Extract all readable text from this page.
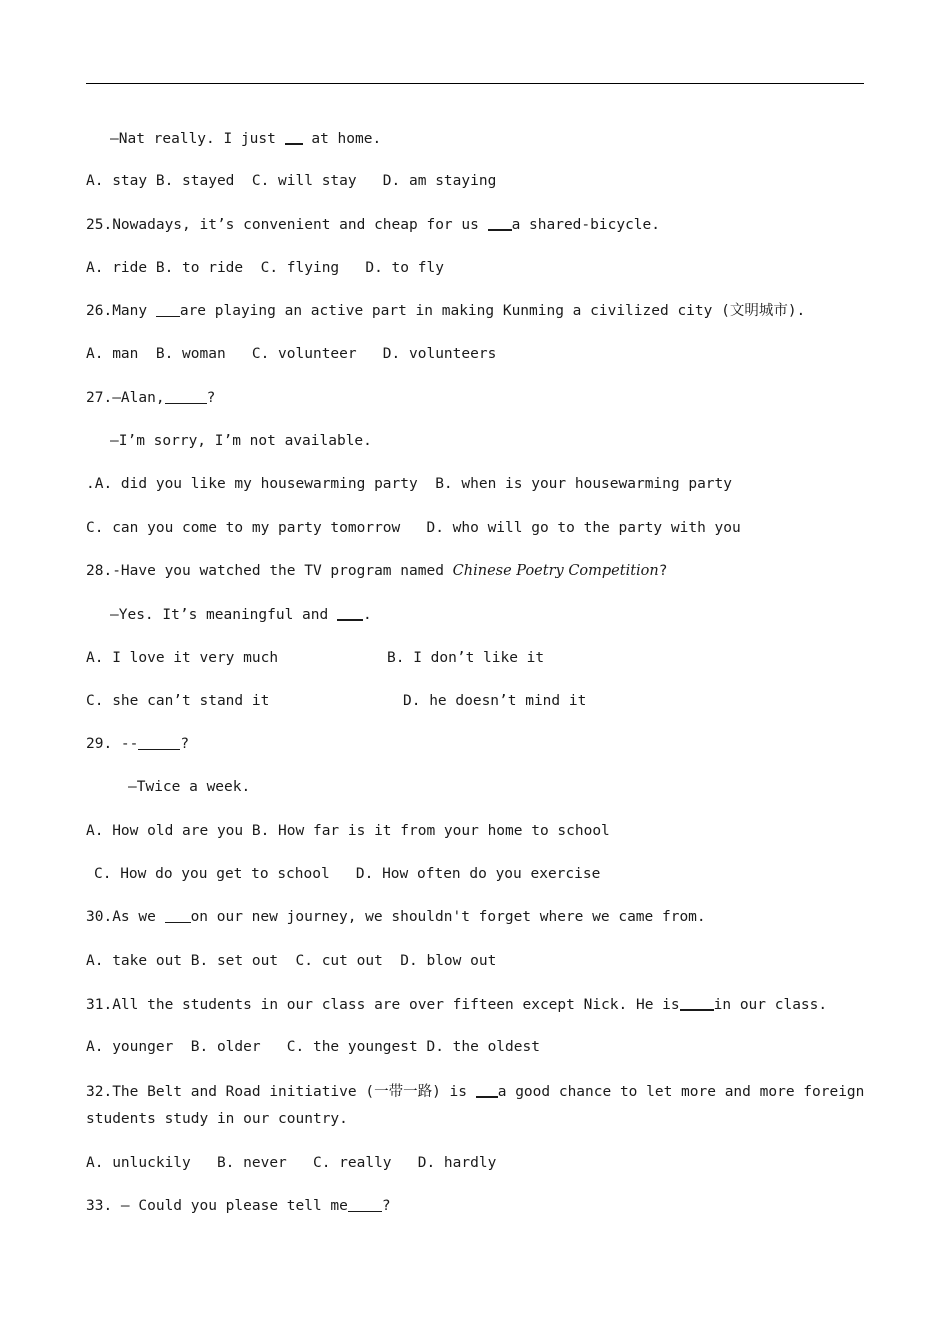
—Nat really. I just  at home.
A. stay B. stayed  C. will stay   D. am staying
25.Nowadays, it’s convenient and cheap for us a shared-bicycle.
A. ride B. to ride  C. flying   D. to fly
26.Many are playing an active part in making Kunming a civilized city (文明城市).
A. man  B. woman   C. volunteer   D. volunteers
27.—Alan,	?
—I’m sorry, I’m not available.
.A. did you like my housewarming party  B. when is your housewarming party
C. can you come to my party tomorrow   D. who will go to the party with you
28.-Have you watched the TV program named Chinese Poetry Competition?
—Yes. It’s meaningful and .
A. I love it very much	B. I don’t like it
C. she can’t stand it	D. he doesn’t mind it
29. --	?
—Twice a week.
A. How old are you B. How far is it from your home to school
C. How do you get to school   D. How often do you exercise
30.As we on our new journey, we shouldn't forget where we came from.
A. take out B. set out  C. cut out  D. blow out
31.All the students in our class are over fifteen except Nick. He is in our class.
A. younger  B. older   C. the youngest D. the oldest
32.The Belt and Road initiative (一带一路) is a good chance to let more and more foreign
students study in our country.
A. unluckily   B. never   C. really   D. hardly
33. — Could you please tell me ?
